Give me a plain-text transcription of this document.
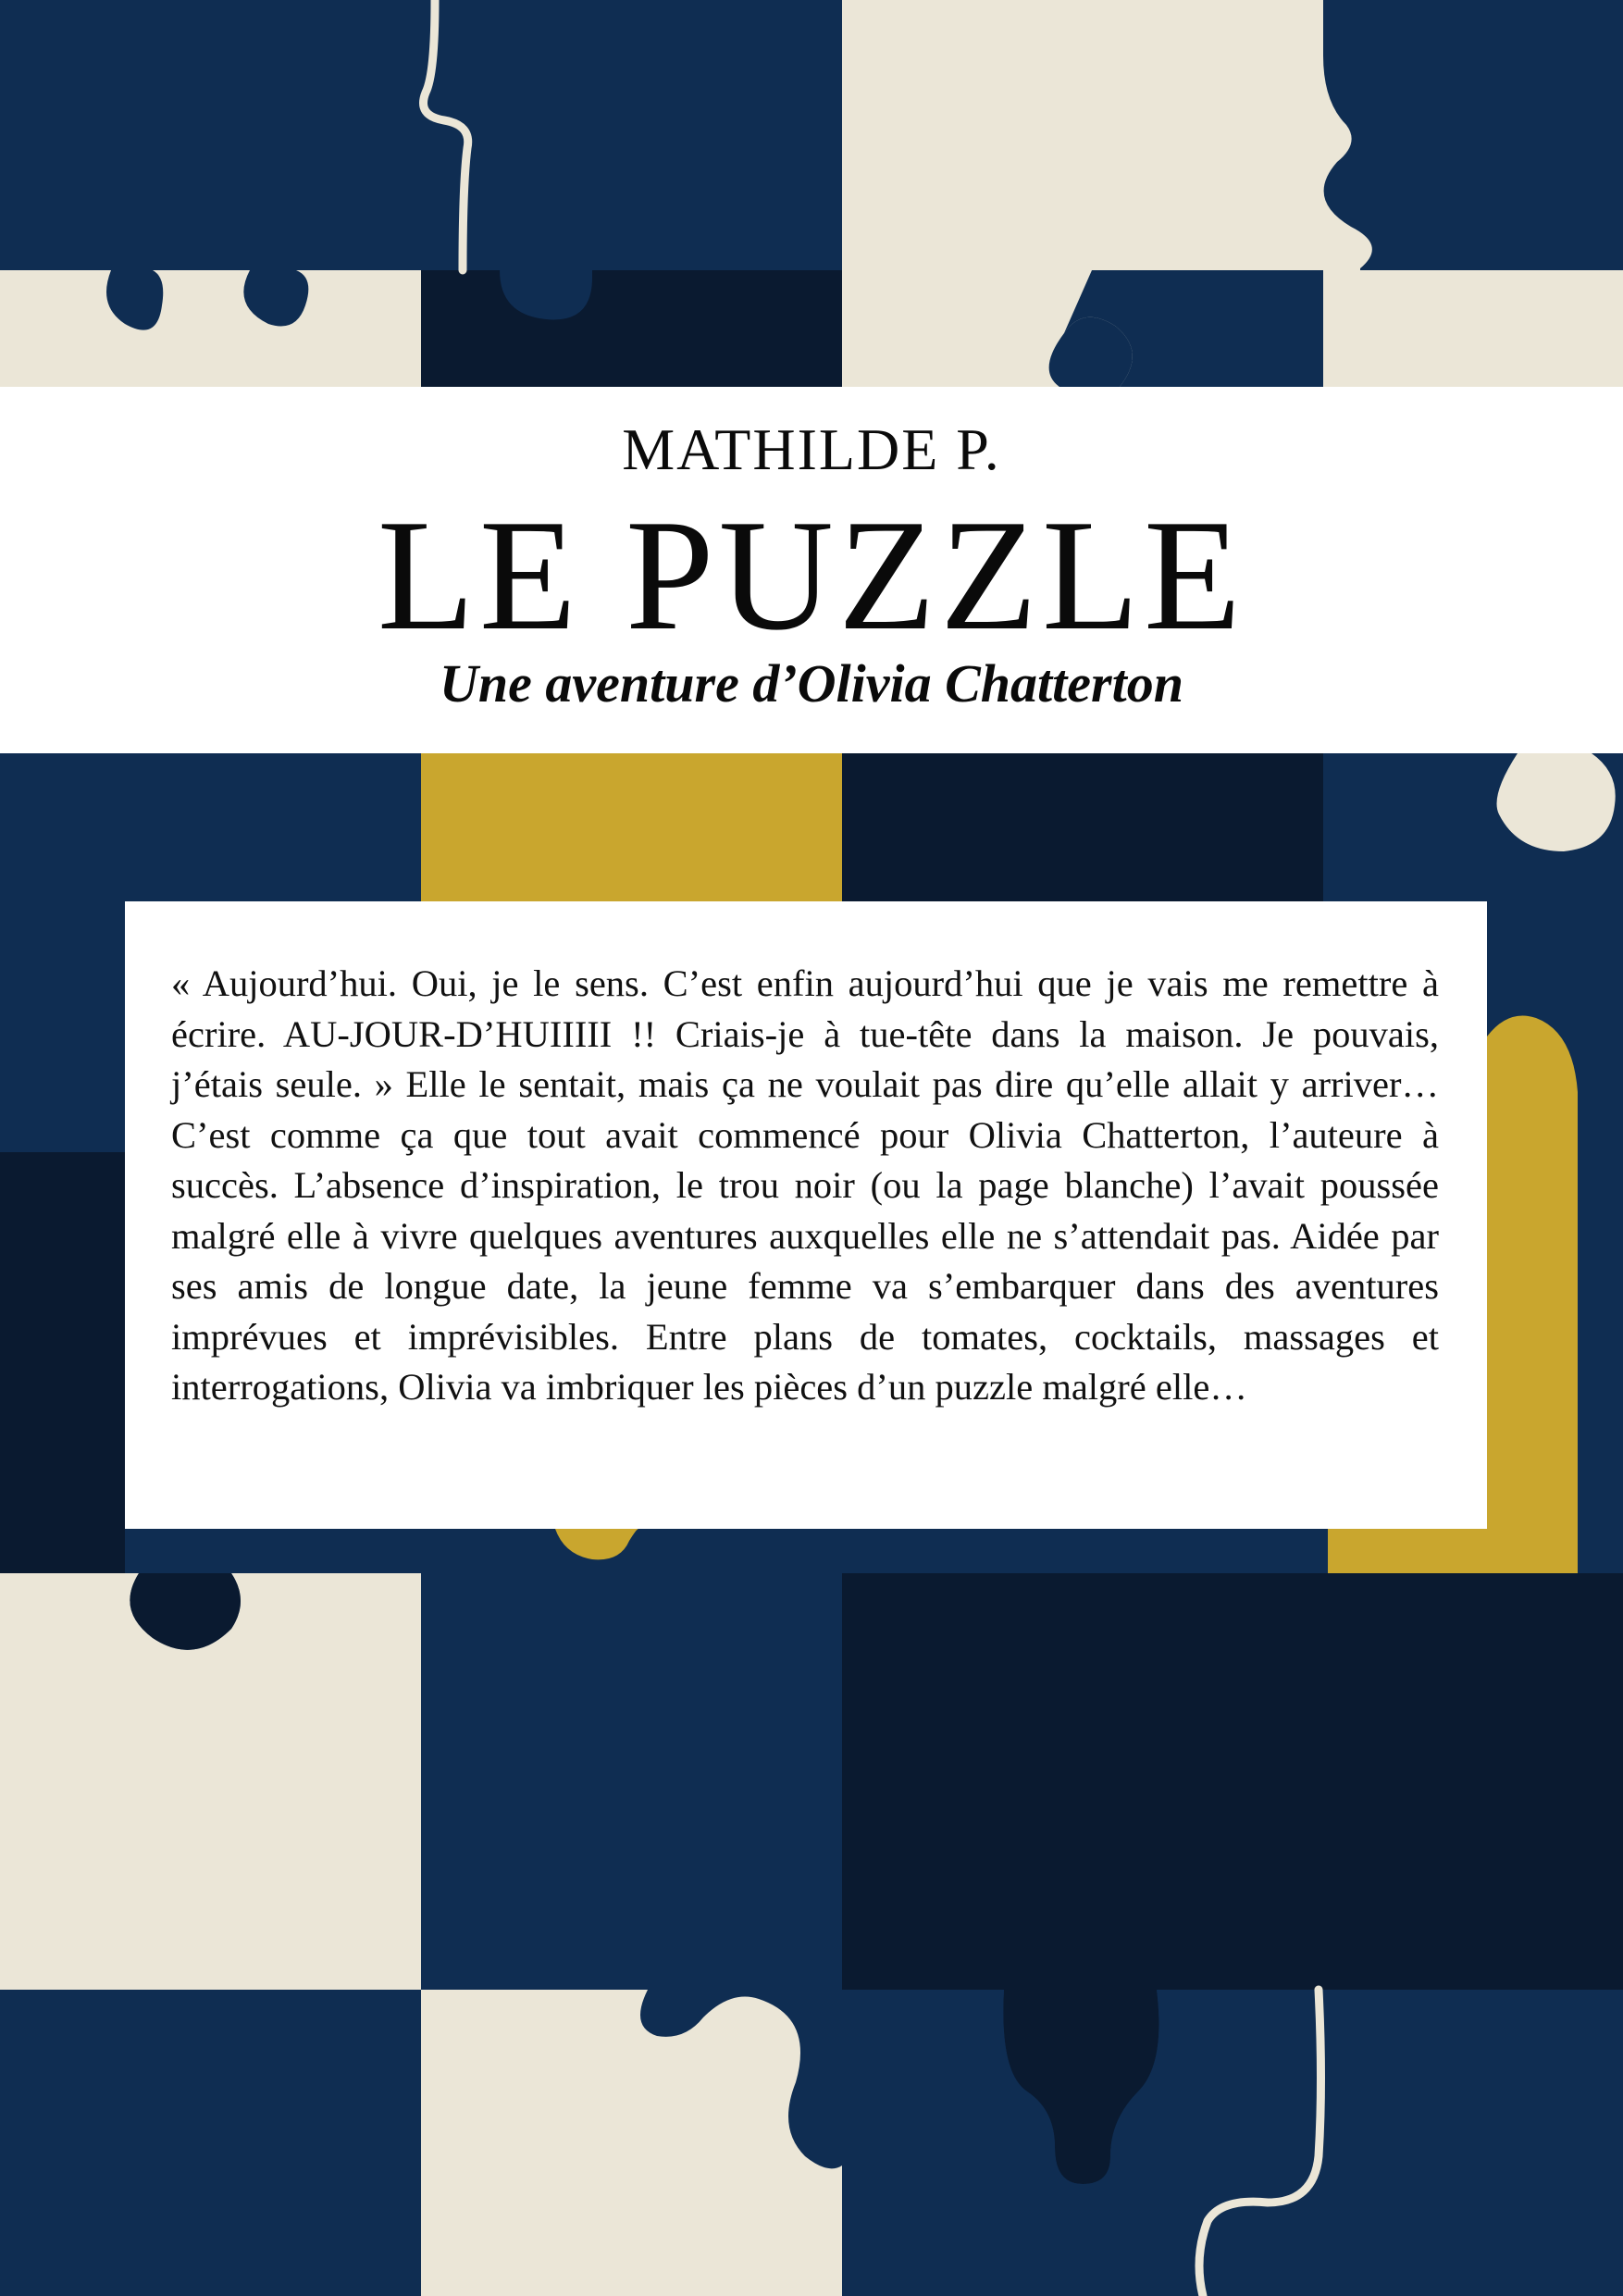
MATHILDE P.
LE PUZZLE
Une aventure d’Olivia Chatterton

« Aujourd’hui. Oui, je le sens. C’est enfin aujourd’hui que je vais me remettre à écrire. AU-JOUR-D’HUIIIII !! Criais-je à tue-tête dans la maison. Je pouvais, j’étais seule. » Elle le sentait, mais ça ne voulait pas dire qu’elle allait y arriver… C’est comme ça que tout avait commencé pour Olivia Chatterton, l’auteure à succès. L’absence d’inspiration, le trou noir (ou la page blanche) l’avait poussée malgré elle à vivre quelques aventures auxquelles elle ne s’attendait pas. Aidée par ses amis de longue date, la jeune femme va s’embarquer dans des aventures imprévues et imprévisibles. Entre plans de tomates, cocktails, massages et interrogations, Olivia va imbriquer les pièces d’un puzzle malgré elle…
